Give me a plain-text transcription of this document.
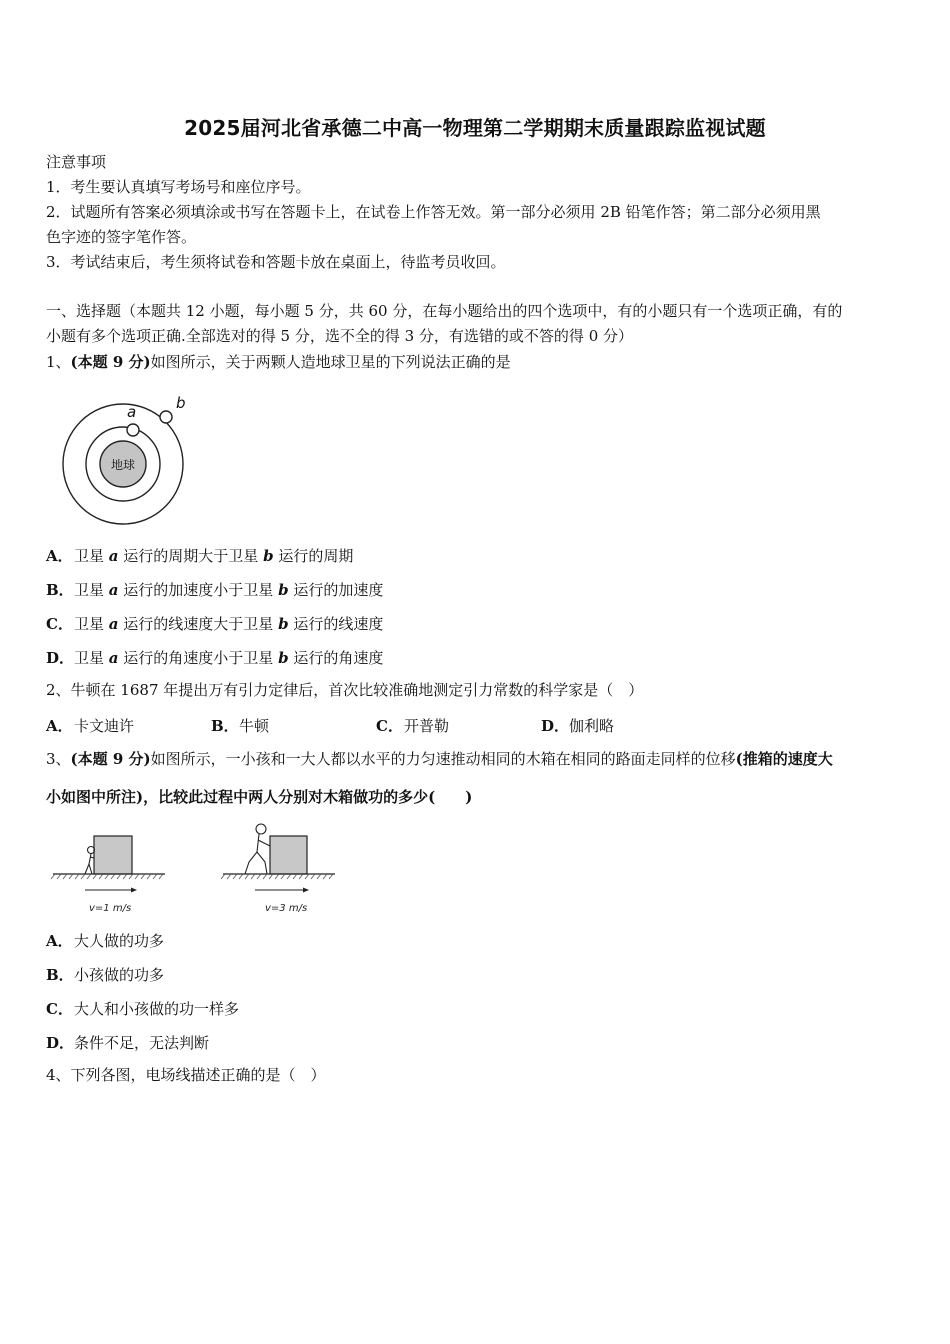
2025届河北省承德二中高一物理第二学期期末质量跟踪监视试题
注意事项
1．考生要认真填写考场号和座位序号。
2．试题所有答案必须填涂或书写在答题卡上，在试卷上作答无效。第一部分必须用 2B 铅笔作答；第二部分必须用黑
色字迹的签字笔作答。
3．考试结束后，考生须将试卷和答题卡放在桌面上，待监考员收回。
一、选择题（本题共 12 小题，每小题 5 分，共 60 分，在每小题给出的四个选项中，有的小题只有一个选项正确，有的
小题有多个选项正确.全部选对的得 5 分，选不全的得 3 分，有选错的或不答的得 0 分）
1、(本题 9 分)如图所示，关于两颗人造地球卫星的下列说法正确的是
地球
a	b
A．卫星 a 运行的周期大于卫星 b 运行的周期
B．卫星 a 运行的加速度小于卫星 b 运行的加速度
C．卫星 a 运行的线速度大于卫星 b 运行的线速度
D．卫星 a 运行的角速度小于卫星 b 运行的角速度
2、牛顿在 1687 年提出万有引力定律后，首次比较准确地测定引力常数的科学家是（　）
A．卡文迪许	B．牛顿	C．开普勒	D．伽利略
3、(本题 9 分)如图所示，一小孩和一大人都以水平的力匀速推动相同的木箱在相同的路面走同样的位移(推箱的速度大
小如图中所注)，比较此过程中两人分别对木箱做功的多少(　　)
v=1 m/s	v=3 m/s
A．大人做的功多
B．小孩做的功多
C．大人和小孩做的功一样多
D．条件不足，无法判断
4、下列各图，电场线描述正确的是（　）
